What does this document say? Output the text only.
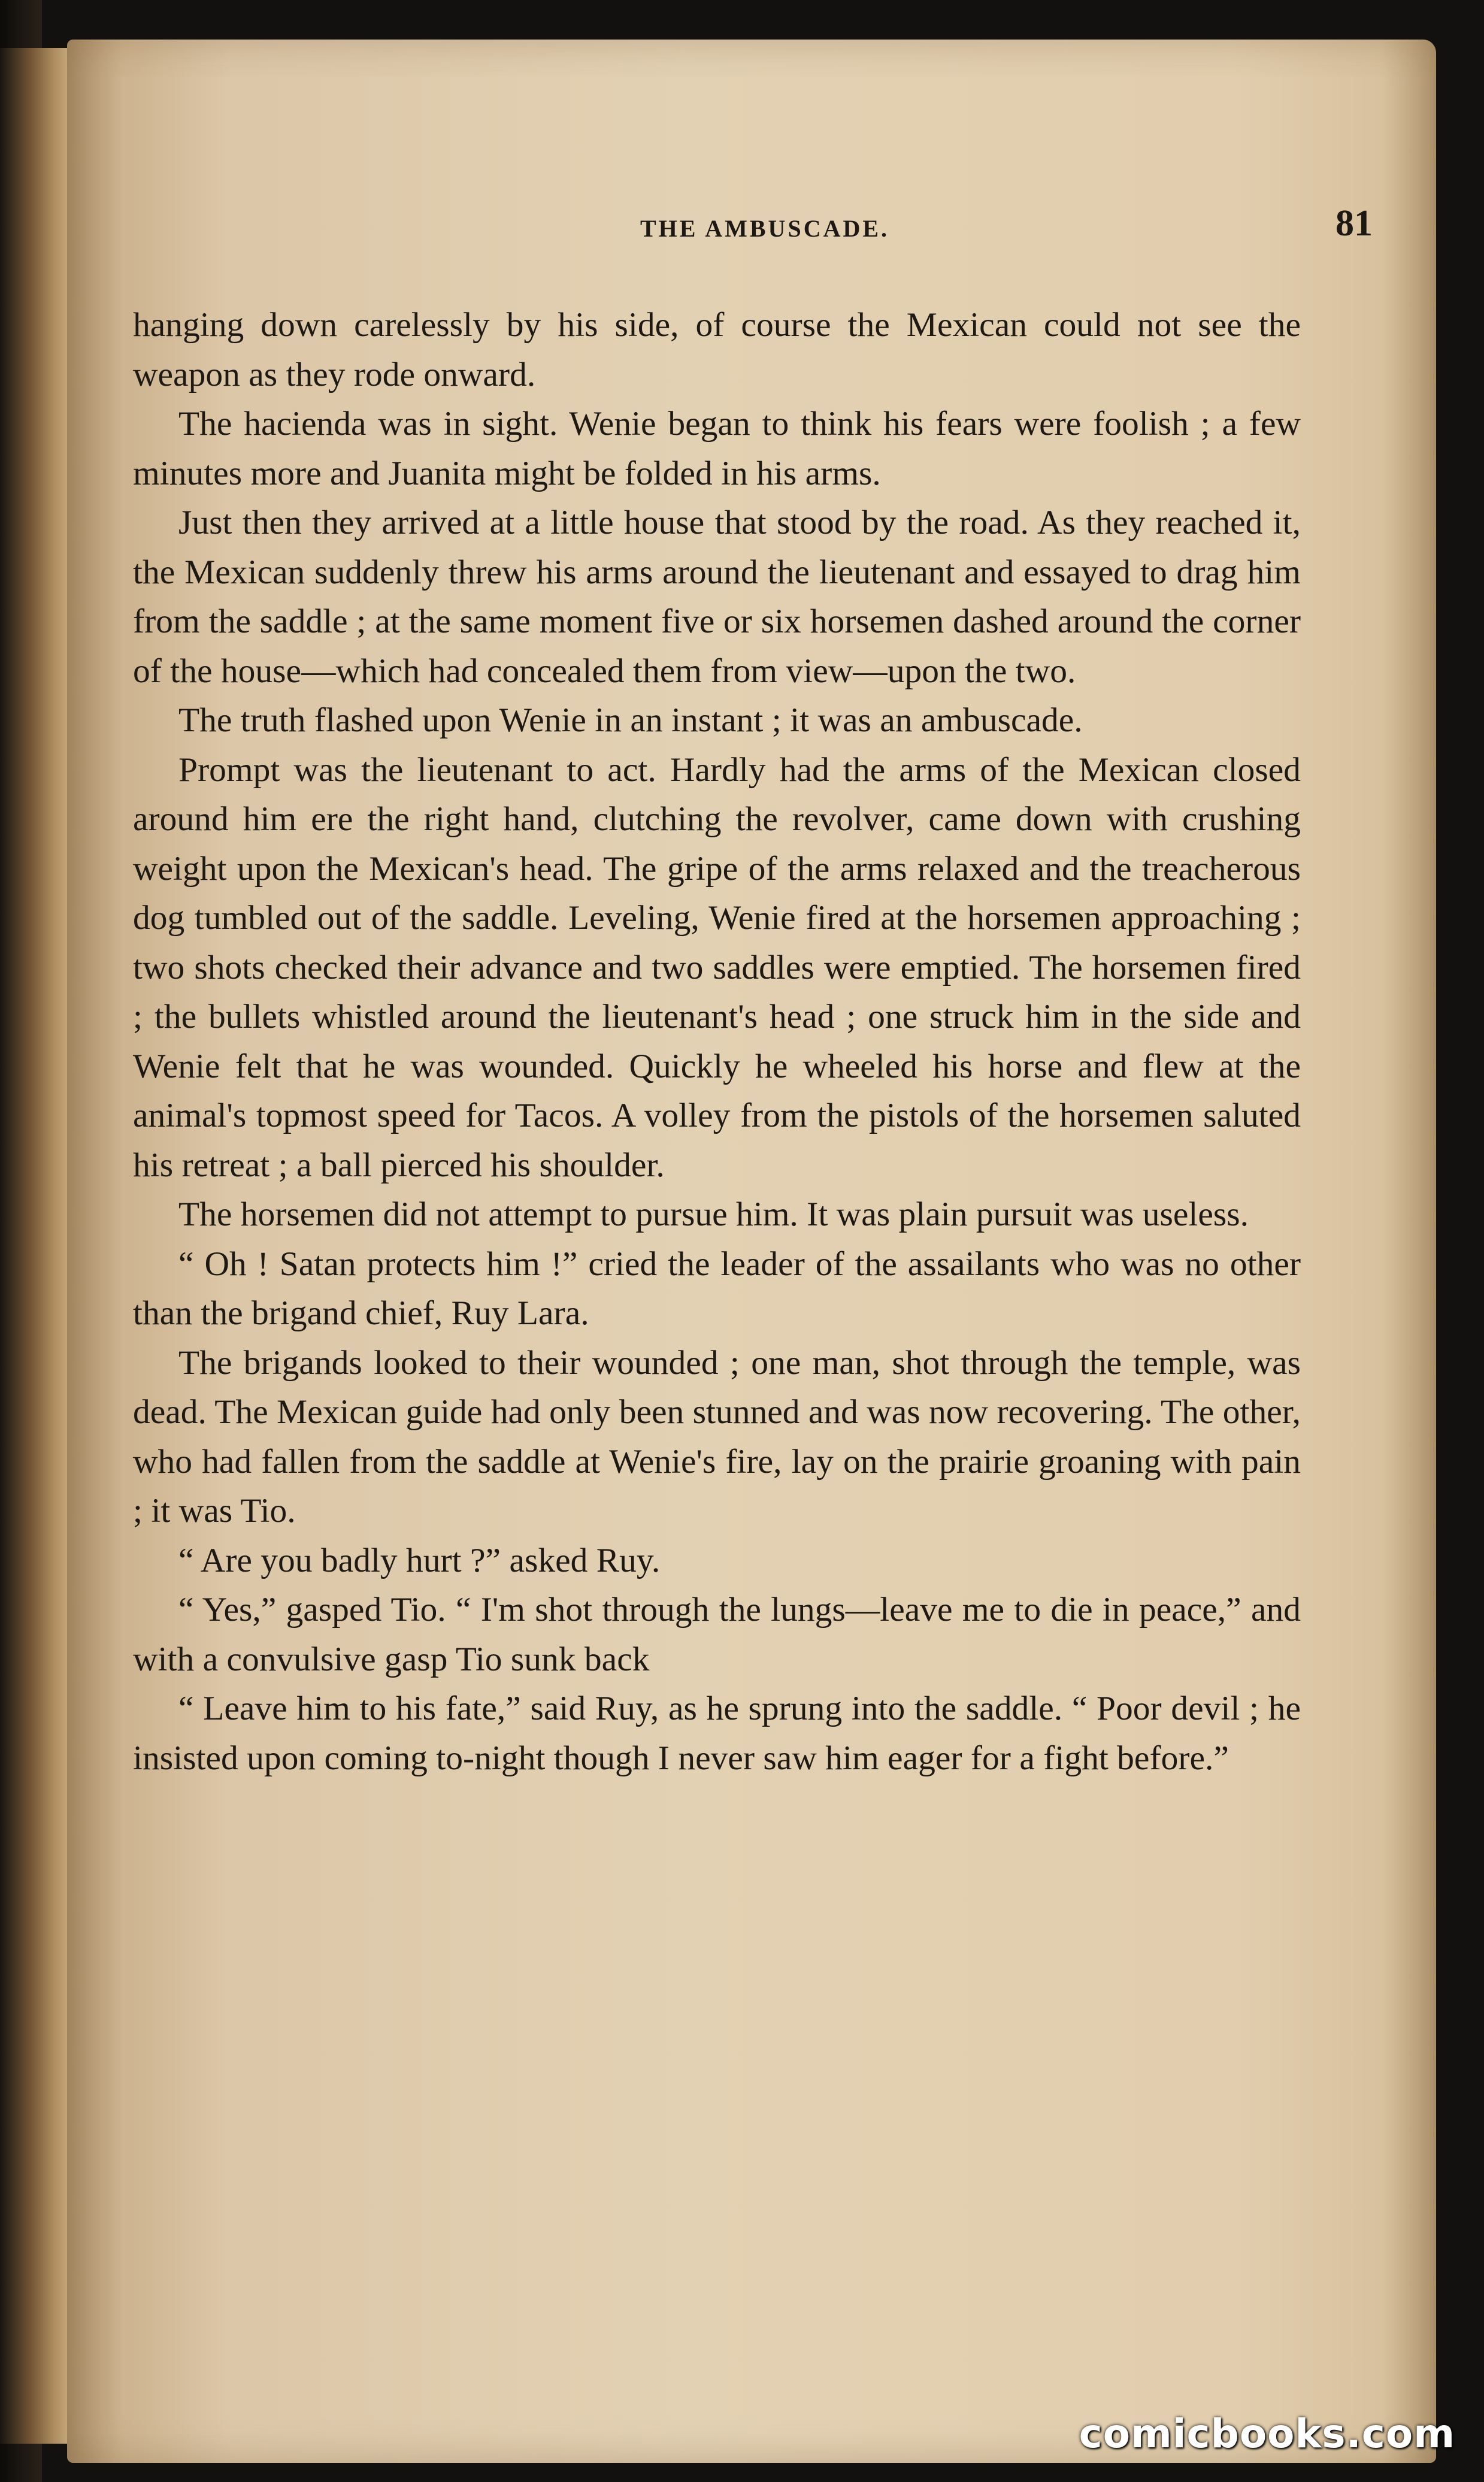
THE AMBUSCADE.	81

hanging down carelessly by his side, of course the Mexican could not see the weapon as they rode onward.

The hacienda was in sight. Wenie began to think his fears were foolish ; a few minutes more and Juanita might be folded in his arms.

Just then they arrived at a little house that stood by the road. As they reached it, the Mexican suddenly threw his arms around the lieutenant and essayed to drag him from the saddle ; at the same moment five or six horsemen dashed around the corner of the house—which had concealed them from view—upon the two.

The truth flashed upon Wenie in an instant ; it was an ambuscade.

Prompt was the lieutenant to act. Hardly had the arms of the Mexican closed around him ere the right hand, clutching the revolver, came down with crushing weight upon the Mexican's head. The gripe of the arms relaxed and the treacherous dog tumbled out of the saddle. Leveling, Wenie fired at the horsemen approaching ; two shots checked their advance and two saddles were emptied. The horsemen fired ; the bullets whistled around the lieutenant's head ; one struck him in the side and Wenie felt that he was wounded. Quickly he wheeled his horse and flew at the animal's topmost speed for Tacos. A volley from the pistols of the horsemen saluted his retreat ; a ball pierced his shoulder.

The horsemen did not attempt to pursue him. It was plain pursuit was useless.

“ Oh ! Satan protects him !” cried the leader of the assailants who was no other than the brigand chief, Ruy Lara.

The brigands looked to their wounded ; one man, shot through the temple, was dead. The Mexican guide had only been stunned and was now recovering. The other, who had fallen from the saddle at Wenie's fire, lay on the prairie groaning with pain ; it was Tio.

“ Are you badly hurt ?” asked Ruy.

“ Yes,” gasped Tio. “ I'm shot through the lungs—leave me to die in peace,” and with a convulsive gasp Tio sunk back

“ Leave him to his fate,” said Ruy, as he sprung into the saddle. “ Poor devil ; he insisted upon coming to-night though I never saw him eager for a fight before.”

comicbooks.com
